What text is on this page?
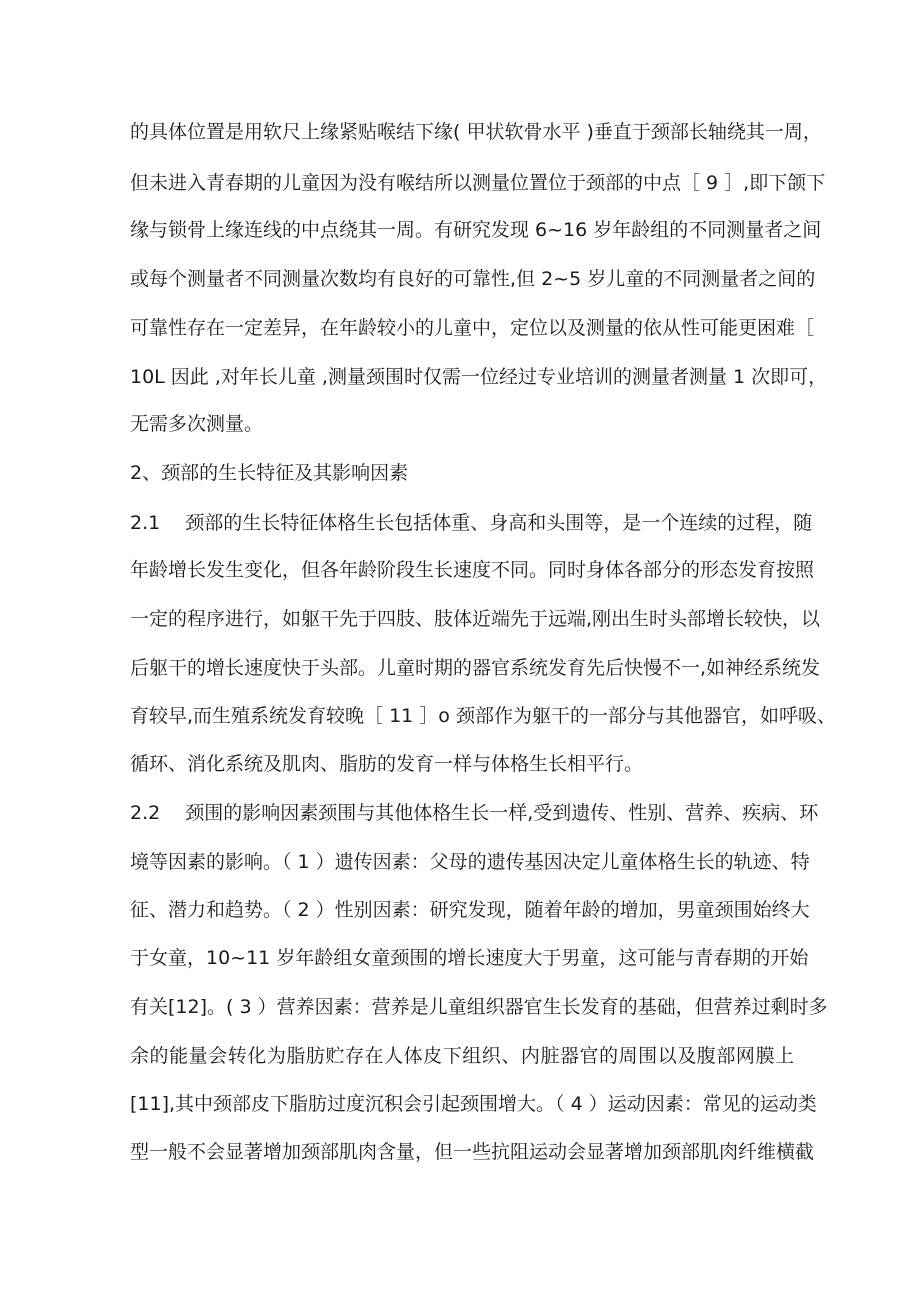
的具体位置是用软尺上缘紧贴喉结下缘( 甲状软骨水平 )垂直于颈部长轴绕其一周，
但未进入青春期的儿童因为没有喉结所以测量位置位于颈部的中点［ 9 ］,即下颌下
缘与锁骨上缘连线的中点绕其一周。有研究发现 6~16 岁年龄组的不同测量者之间
或每个测量者不同测量次数均有良好的可靠性,但 2~5 岁儿童的不同测量者之间的
可靠性存在一定差异，在年龄较小的儿童中，定位以及测量的依从性可能更困难［
10L 因此 ,对年长儿童 ,测量颈围时仅需一位经过专业培训的测量者测量 1 次即可，
无需多次测量。
2、颈部的生长特征及其影响因素
2.1　 颈部的生长特征体格生长包括体重、身高和头围等，是一个连续的过程，随
年龄增长发生变化，但各年龄阶段生长速度不同。同时身体各部分的形态发育按照
一定的程序进行，如躯干先于四肢、肢体近端先于远端,刚出生时头部增长较快，以
后躯干的增长速度快于头部。儿童时期的器官系统发育先后快慢不一,如神经系统发
育较早,而生殖系统发育较晚［ 11 ］o 颈部作为躯干的一部分与其他器官，如呼吸、
循环、消化系统及肌肉、脂肪的发育一样与体格生长相平行。
2.2　 颈围的影响因素颈围与其他体格生长一样,受到遗传、性别、营养、疾病、环
境等因素的影响。（ 1 ）遗传因素：父母的遗传基因决定儿童体格生长的轨迹、特
征、潜力和趋势。（ 2 ）性别因素：研究发现，随着年龄的增加，男童颈围始终大
于女童，10~11 岁年龄组女童颈围的增长速度大于男童，这可能与青春期的开始
有关[12]。( 3 ）营养因素：营养是儿童组织器官生长发育的基础，但营养过剩时多
余的能量会转化为脂肪贮存在人体皮下组织、内脏器官的周围以及腹部网膜上
[11],其中颈部皮下脂肪过度沉积会引起颈围增大。（ 4 ）运动因素：常见的运动类
型一般不会显著增加颈部肌肉含量，但一些抗阻运动会显著增加颈部肌肉纤维横截
